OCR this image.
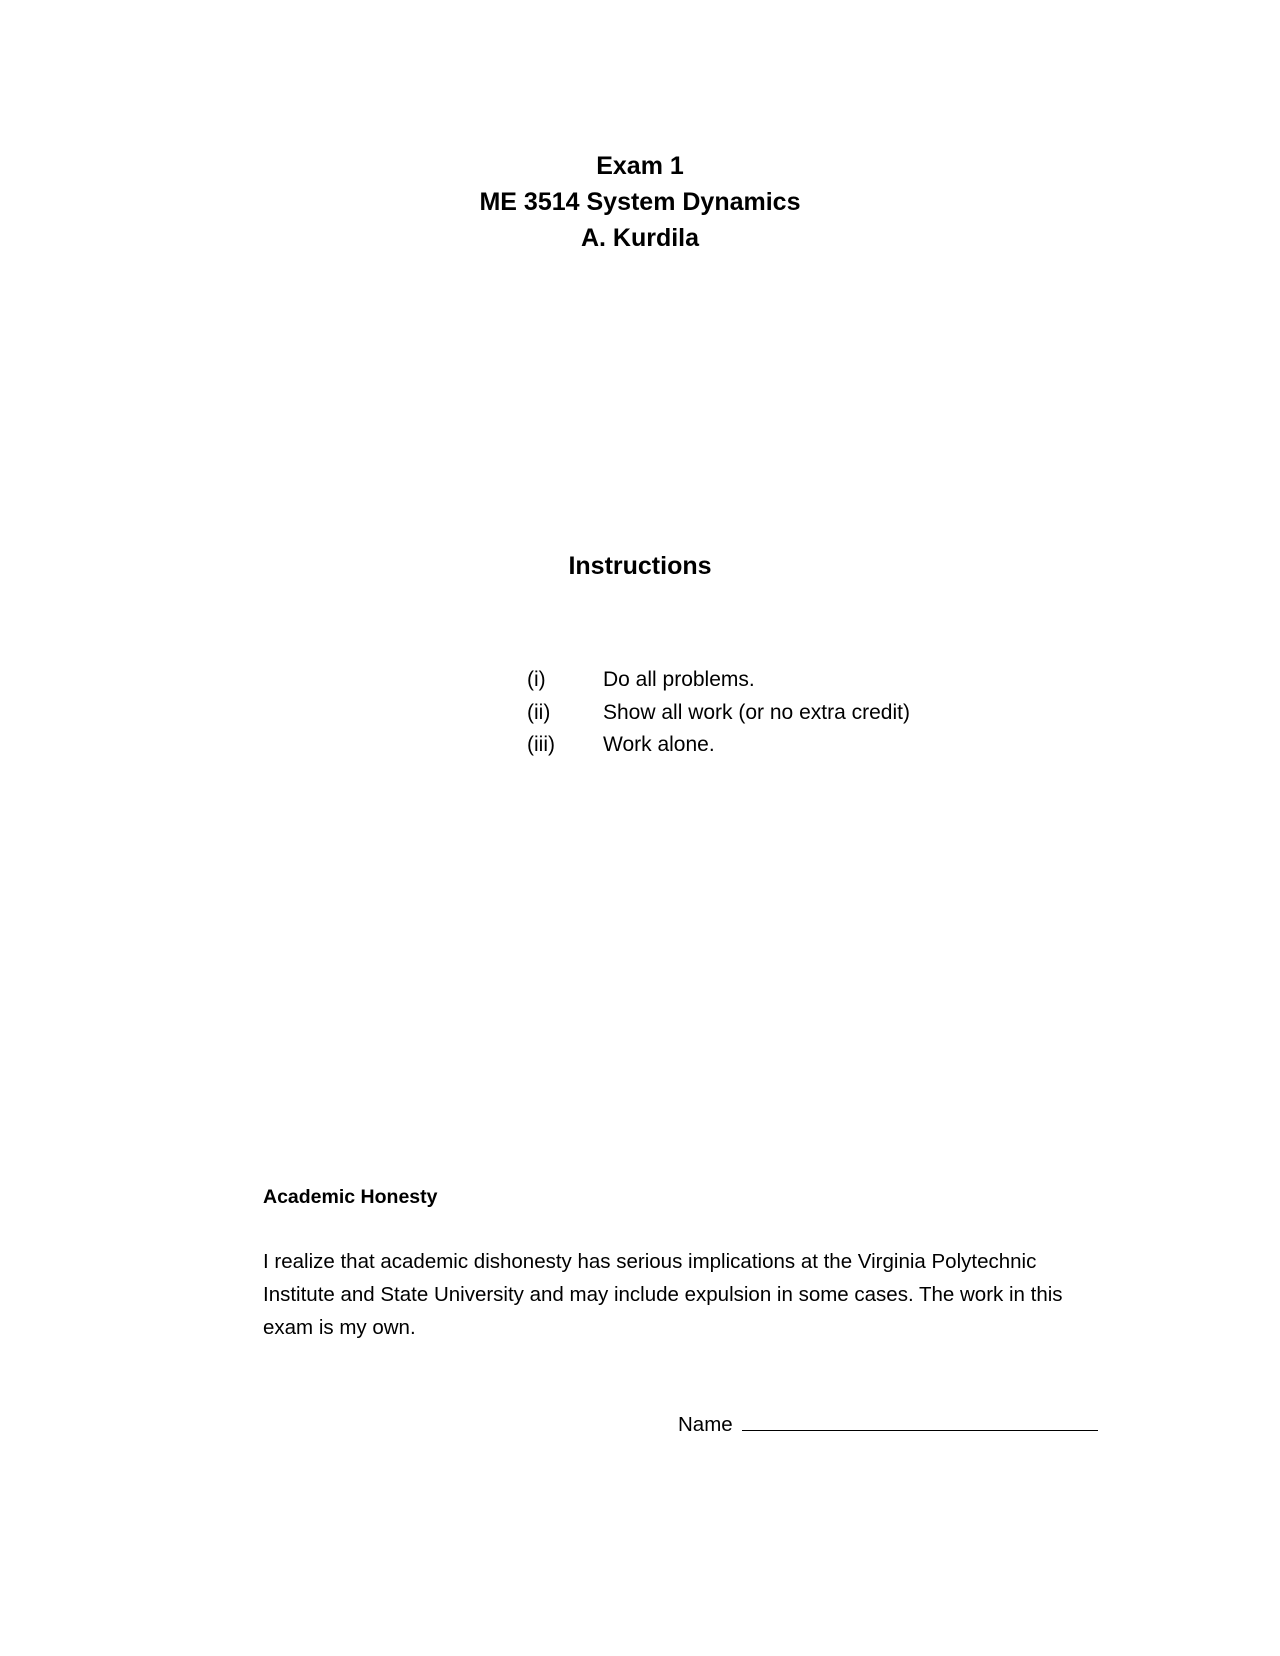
Exam 1
ME 3514 System Dynamics
A. Kurdila
Instructions
(i)	Do all problems.
(ii)	Show all work (or no extra credit)
(iii)	Work alone.
Academic Honesty
I realize that academic dishonesty has serious implications at the Virginia Polytechnic Institute and State University and may include expulsion in some cases. The work in this exam is my own.
Name
